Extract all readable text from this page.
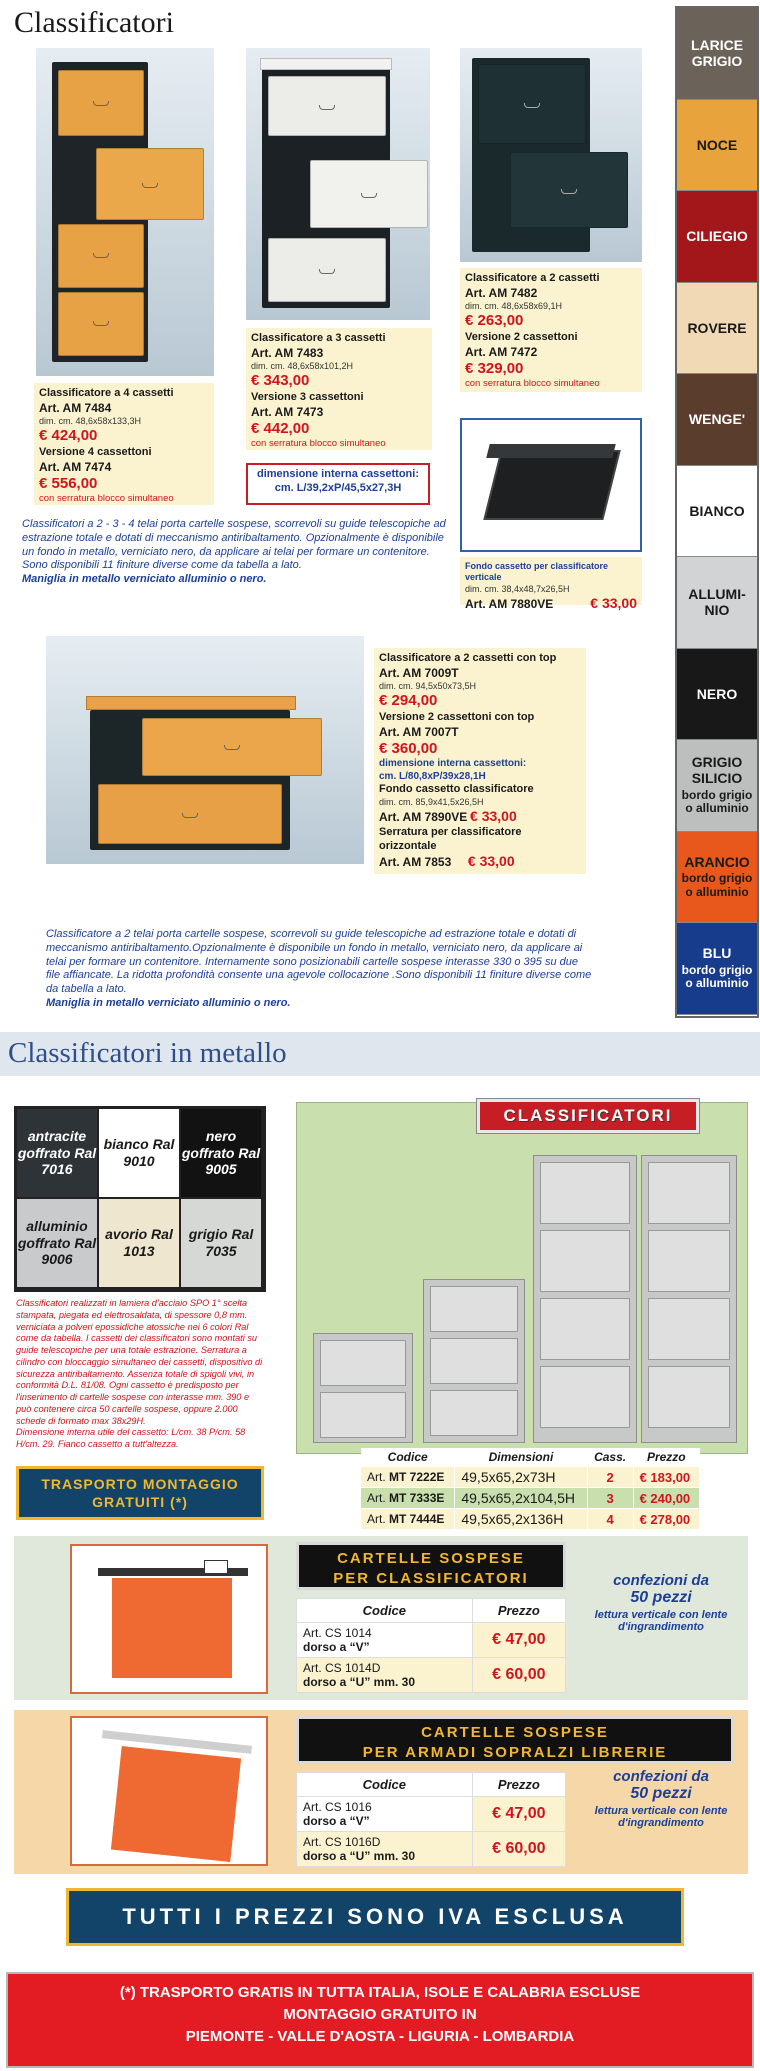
Classificatori
Classificatore a 4 cassetti
Art. AM 7484
dim. cm. 48,6x58x133,3H
€ 424,00
Versione 4 cassettoni
Art. AM 7474
€ 556,00
con serratura blocco simultaneo
Classificatore a 3 cassetti
Art. AM 7483
dim. cm. 48,6x58x101,2H
€ 343,00
Versione 3 cassettoni
Art. AM 7473
€ 442,00
con serratura blocco simultaneo
dimensione interna cassettoni:
cm. L/39,2xP/45,5x27,3H
Classificatore a 2 cassetti
Art. AM 7482
dim. cm. 48,6x58x69,1H
€ 263,00
Versione 2 cassettoni
Art. AM 7472
€ 329,00
con serratura blocco simultaneo
Fondo cassetto per classificatore verticale
dim. cm. 38,4x48,7x26,5H
Art. AM 7880VE	€ 33,00
Classificatori a 2 - 3 - 4 telai porta cartelle sospese, scorrevoli su guide telescopiche ad estrazione totale e dotati di meccanismo antiribaltamento. Opzionalmente è disponibile un fondo in metallo, verniciato nero, da applicare ai telai per formare un contenitore. Sono disponibili 11 finiture diverse come da tabella a lato.
Maniglia in metallo verniciato alluminio o nero.
Classificatore a 2 cassetti con top
Art. AM 7009T
dim. cm. 94,5x50x73,5H
€ 294,00
Versione 2 cassettoni con top
Art. AM 7007T
€ 360,00
dimensione interna cassettoni:
cm. L/80,8xP/39x28,1H
Fondo cassetto classificatore
dim. cm. 85,9x41,5x26,5H
Art. AM 7890VE € 33,00
Serratura per classificatore orizzontale
Art. AM 7853 € 33,00
Classificatore a 2 telai porta cartelle sospese, scorrevoli su guide telescopiche ad estrazione totale e dotati di meccanismo antiribaltamento.Opzionalmente è disponibile un fondo in metallo, verniciato nero, da applicare ai telai per formare un contenitore. Internamente sono posizionabili cartelle sospese interasse 330 o 395 su due file affiancate. La ridotta profondità consente una agevole collocazione .Sono disponibili 11 finiture diverse come da tabella a lato.
Maniglia in metallo verniciato alluminio o nero.
LARICE GRIGIO
NOCE
CILIEGIO
ROVERE
WENGE'
BIANCO
ALLUMI-NIO
NERO
GRIGIO SILICIO
bordo grigio o alluminio
ARANCIO
bordo grigio o alluminio
BLU
bordo grigio o alluminio
Classificatori in metallo
antracite goffrato Ral 7016
bianco Ral 9010
nero goffrato Ral 9005
alluminio goffrato Ral 9006
avorio Ral 1013
grigio Ral 7035
Classificatori realizzati in lamiera d'acciaio SPO 1° scelta stampata, piegata ed elettrosaldata, di spessore 0,8 mm. verniciata a polveri epossidiche atossiche nei 6 colori Ral come da tabella. I cassetti dei classificatori sono montati su guide telescopiche per una totale estrazione. Serratura a cilindro con bloccaggio simultaneo dei cassetti, dispositivo di sicurezza antiribaltamento. Assenza totale di spigoli vivi, in conformità D.L. 81/08. Ogni cassetto è predisposto per l'inserimento di cartelle sospese con interasse mm. 390 e può contenere circa 50 cartelle sospese, oppure 2.000 schede di formato max 38x29H.
Dimensione interna utile del cassetto: L/cm. 38 P/cm. 58 H/cm. 29. Fianco cassetto a tutt'altezza.
TRASPORTO MONTAGGIO GRATUITI (*)
CLASSIFICATORI
Codice	Dimensioni	Cass.	Prezzo
Art. MT 7222E	49,5x65,2x73H	2	€ 183,00
Art. MT 7333E	49,5x65,2x104,5H	3	€ 240,00
Art. MT 7444E	49,5x65,2x136H	4	€ 278,00
CARTELLE SOSPESE
PER CLASSIFICATORI
Codice	Prezzo

Art. CS 1014
dorso a “V”	€ 47,00

Art. CS 1014D
dorso a “U” mm. 30	€ 60,00
confezioni da
50 pezzi
lettura verticale con lente d'ingrandimento
CARTELLE SOSPESE
PER ARMADI SOPRALZI LIBRERIE
Codice	Prezzo

Art. CS 1016
dorso a “V”	€ 47,00

Art. CS 1016D
dorso a “U” mm. 30	€ 60,00
confezioni da
50 pezzi
lettura verticale con lente d'ingrandimento
TUTTI I PREZZI SONO IVA ESCLUSA
(*) TRASPORTO GRATIS IN TUTTA ITALIA, ISOLE E CALABRIA ESCLUSE
MONTAGGIO GRATUITO IN
PIEMONTE - VALLE D'AOSTA - LIGURIA - LOMBARDIA
